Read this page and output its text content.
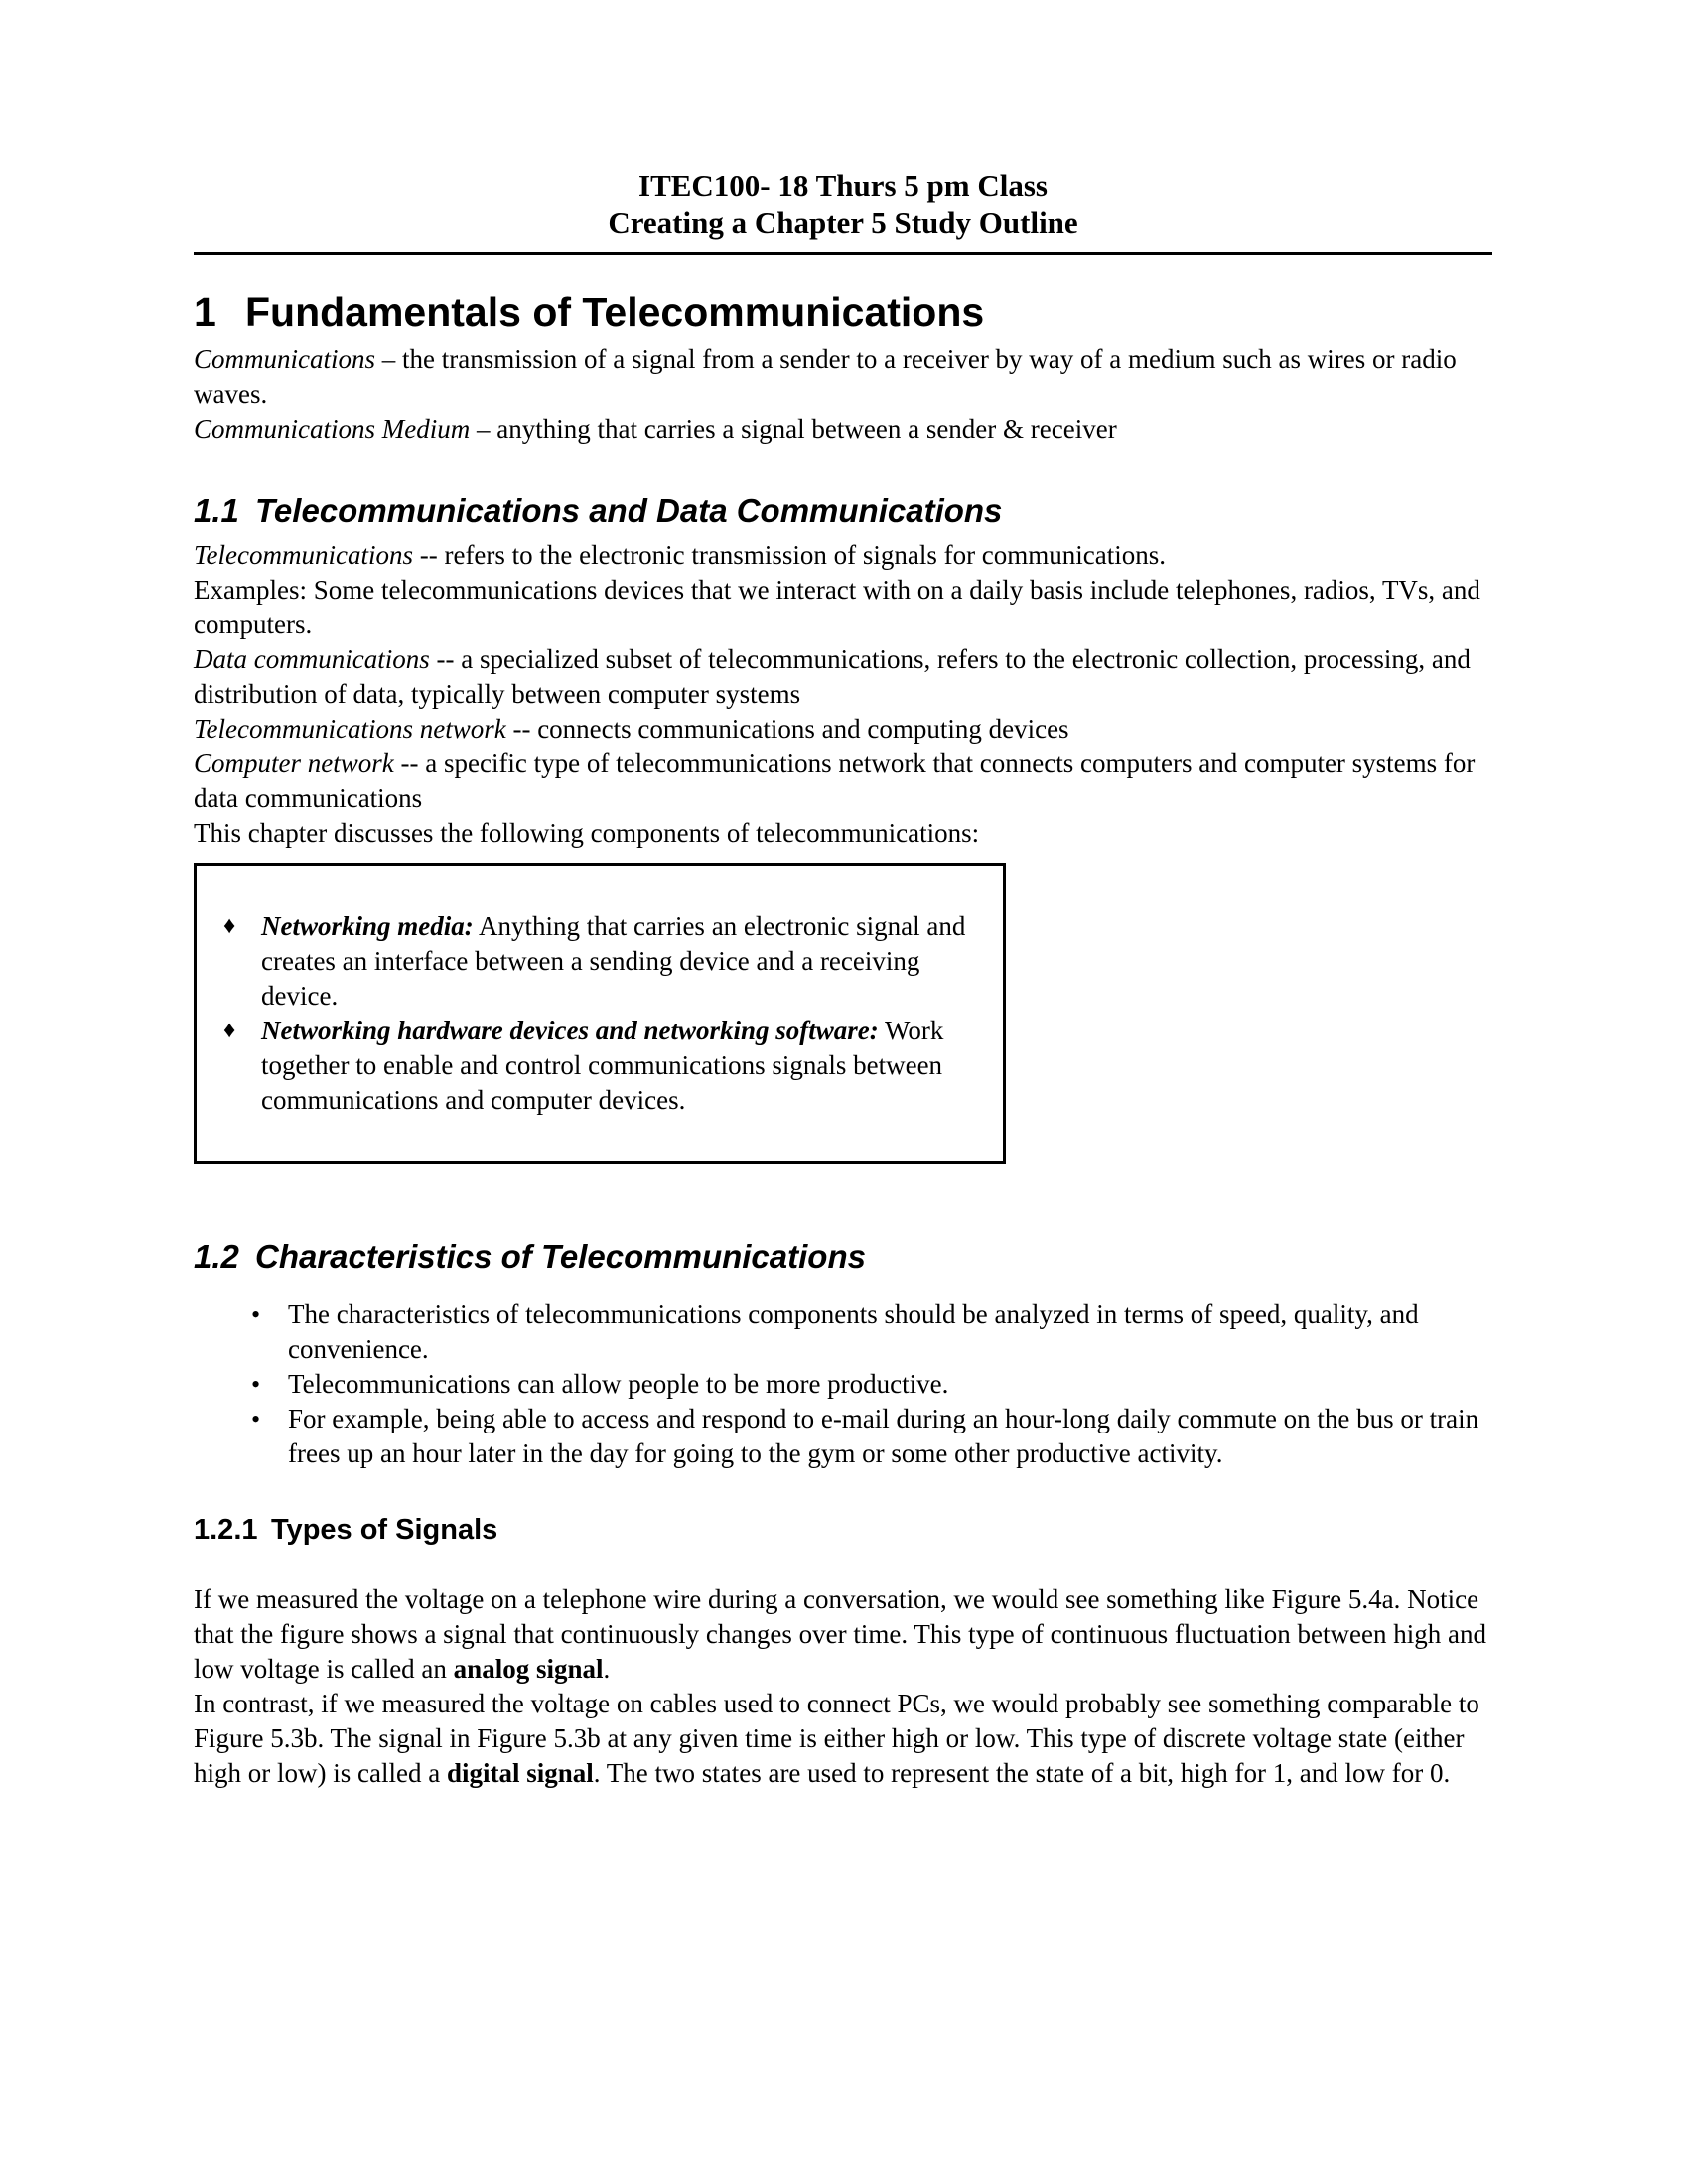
ITEC100- 18 Thurs 5 pm Class
Creating a Chapter 5 Study Outline
1 Fundamentals of Telecommunications

Communications – the transmission of a signal from a sender to a receiver by way of a medium such as wires or radio waves.

Communications Medium – anything that carries a signal between a sender & receiver

1.1 Telecommunications and Data Communications

Telecommunications -- refers to the electronic transmission of signals for communications.

Examples: Some telecommunications devices that we interact with on a daily basis include telephones, radios, TVs, and computers.

Data communications -- a specialized subset of telecommunications, refers to the electronic collection, processing, and distribution of data, typically between computer systems

Telecommunications network -- connects communications and computing devices

Computer network -- a specific type of telecommunications network that connects computers and computer systems for data communications

This chapter discusses the following components of telecommunications:

♦ Networking media: Anything that carries an electronic signal and creates an interface between a sending device and a receiving device.
♦ Networking hardware devices and networking software: Work together to enable and control communications signals between communications and computer devices.
1.2 Characteristics of Telecommunications
• The characteristics of telecommunications components should be analyzed in terms of speed, quality, and convenience.
• Telecommunications can allow people to be more productive.
• For example, being able to access and respond to e-mail during an hour-long daily commute on the bus or train frees up an hour later in the day for going to the gym or some other productive activity.
1.2.1 Types of Signals

If we measured the voltage on a telephone wire during a conversation, we would see something like Figure 5.4a. Notice that the figure shows a signal that continuously changes over time. This type of continuous fluctuation between high and low voltage is called an analog signal.

In contrast, if we measured the voltage on cables used to connect PCs, we would probably see something comparable to Figure 5.3b. The signal in Figure 5.3b at any given time is either high or low. This type of discrete voltage state (either high or low) is called a digital signal. The two states are used to represent the state of a bit, high for 1, and low for 0.
